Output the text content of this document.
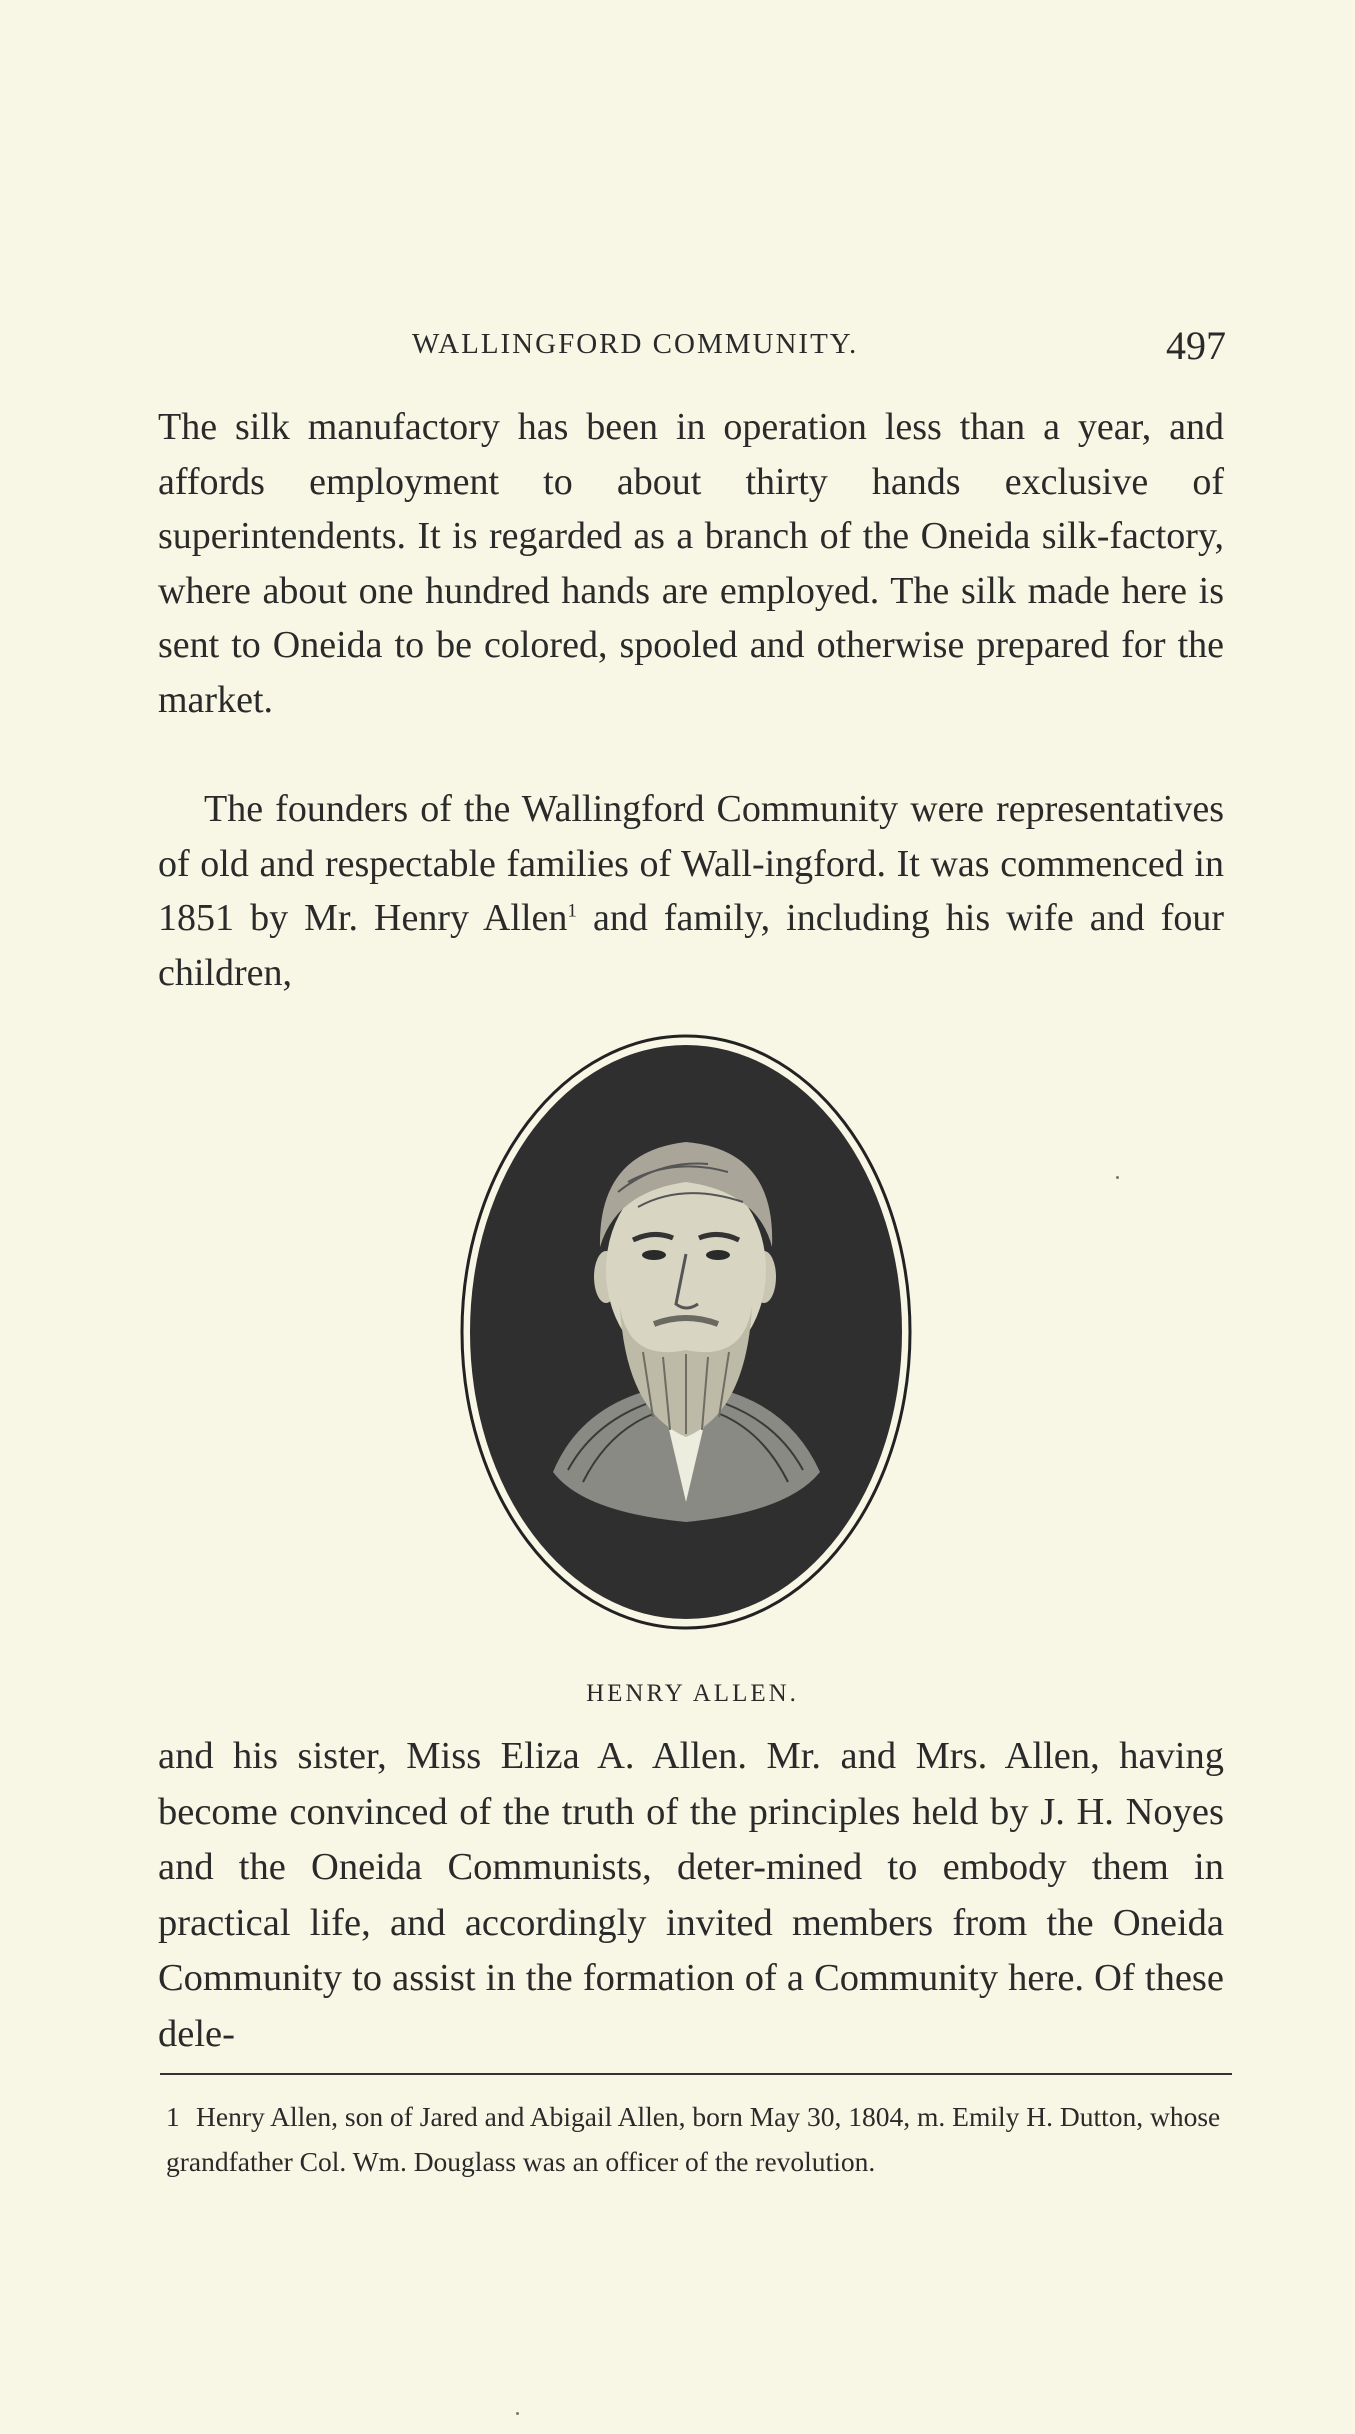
WALLINGFORD COMMUNITY.	497

The silk manufactory has been in operation less than a year, and affords employment to about thirty hands exclusive of superintendents. It is regarded as a branch of the Oneida silk-factory, where about one hundred hands are employed. The silk made here is sent to Oneida to be colored, spooled and otherwise prepared for the market.

The founders of the Wallingford Community were representatives of old and respectable families of Wall-ingford. It was commenced in 1851 by Mr. Henry Allen$^1$ and family, including his wife and four children,

HENRY ALLEN.

and his sister, Miss Eliza A. Allen. Mr. and Mrs. Allen, having become convinced of the truth of the principles held by J. H. Noyes and the Oneida Communists, deter-mined to embody them in practical life, and accordingly invited members from the Oneida Community to assist in the formation of a Community here. Of these dele-

1 Henry Allen, son of Jared and Abigail Allen, born May 30, 1804, m. Emily H. Dutton, whose grandfather Col. Wm. Douglass was an officer of the revolution.
